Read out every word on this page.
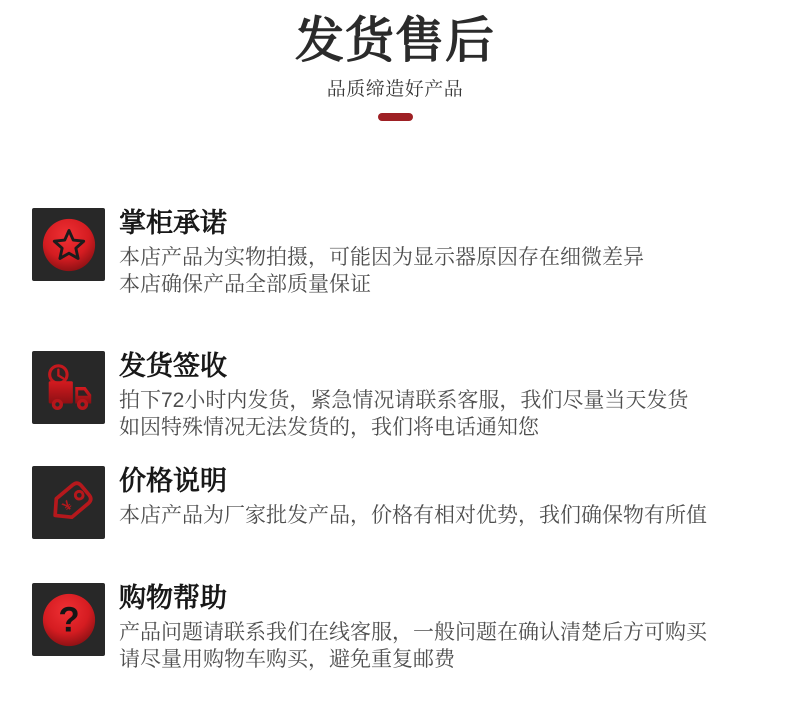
发货售后

品质缔造好产品

掌柜承诺
本店产品为实物拍摄，可能因为显示器原因存在细微差异
本店确保产品全部质量保证
发货签收
拍下72小时内发货，紧急情况请联系客服，我们尽量当天发货
如因特殊情况无法发货的，我们将电话通知您
¥
价格说明
本店产品为厂家批发产品，价格有相对优势，我们确保物有所值
?
购物帮助
产品问题请联系我们在线客服，一般问题在确认清楚后方可购买
请尽量用购物车购买，避免重复邮费
